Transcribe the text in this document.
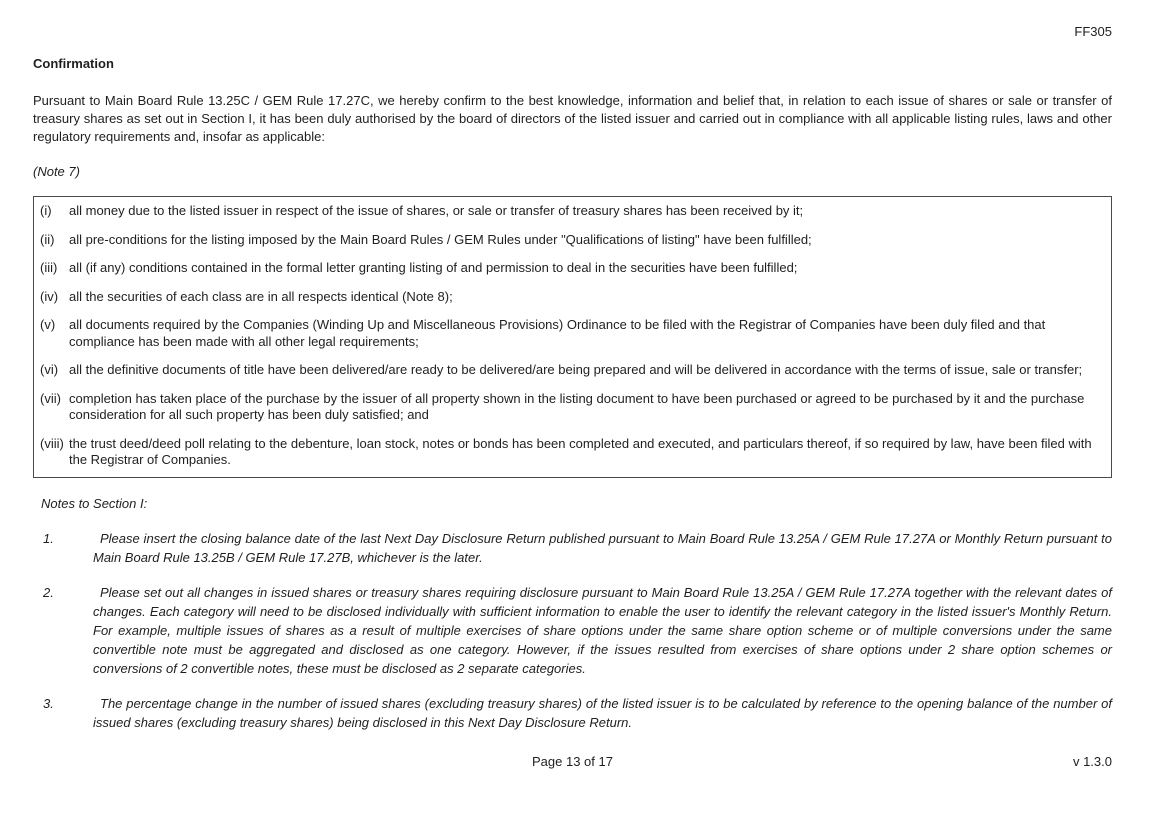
FF305
Confirmation

Pursuant to Main Board Rule 13.25C / GEM Rule 17.27C, we hereby confirm to the best knowledge, information and belief that, in relation to each issue of shares or sale or transfer of treasury shares as set out in Section I, it has been duly authorised by the board of directors of the listed issuer and carried out in compliance with all applicable listing rules, laws and other regulatory requirements and, insofar as applicable:

(Note 7)

(i) all money due to the listed issuer in respect of the issue of shares, or sale or transfer of treasury shares has been received by it;
(ii) all pre-conditions for the listing imposed by the Main Board Rules / GEM Rules under "Qualifications of listing" have been fulfilled;
(iii) all (if any) conditions contained in the formal letter granting listing of and permission to deal in the securities have been fulfilled;
(iv) all the securities of each class are in all respects identical (Note 8);
(v) all documents required by the Companies (Winding Up and Miscellaneous Provisions) Ordinance to be filed with the Registrar of Companies have been duly filed and that compliance has been made with all other legal requirements;
(vi) all the definitive documents of title have been delivered/are ready to be delivered/are being prepared and will be delivered in accordance with the terms of issue, sale or transfer;
(vii) completion has taken place of the purchase by the issuer of all property shown in the listing document to have been purchased or agreed to be purchased by it and the purchase consideration for all such property has been duly satisfied; and
(viii) the trust deed/deed poll relating to the debenture, loan stock, notes or bonds has been completed and executed, and particulars thereof, if so required by law, have been filed with the Registrar of Companies.
Notes to Section I:
1.	Please insert the closing balance date of the last Next Day Disclosure Return published pursuant to Main Board Rule 13.25A / GEM Rule 17.27A or Monthly Return pursuant to Main Board Rule 13.25B / GEM Rule 17.27B, whichever is the later.
2.	Please set out all changes in issued shares or treasury shares requiring disclosure pursuant to Main Board Rule 13.25A / GEM Rule 17.27A together with the relevant dates of changes. Each category will need to be disclosed individually with sufficient information to enable the user to identify the relevant category in the listed issuer's Monthly Return. For example, multiple issues of shares as a result of multiple exercises of share options under the same share option scheme or of multiple conversions under the same convertible note must be aggregated and disclosed as one category. However, if the issues resulted from exercises of share options under 2 share option schemes or conversions of 2 convertible notes, these must be disclosed as 2 separate categories.
3.	The percentage change in the number of issued shares (excluding treasury shares) of the listed issuer is to be calculated by reference to the opening balance of the number of issued shares (excluding treasury shares) being disclosed in this Next Day Disclosure Return.
Page 13 of 17	v 1.3.0
